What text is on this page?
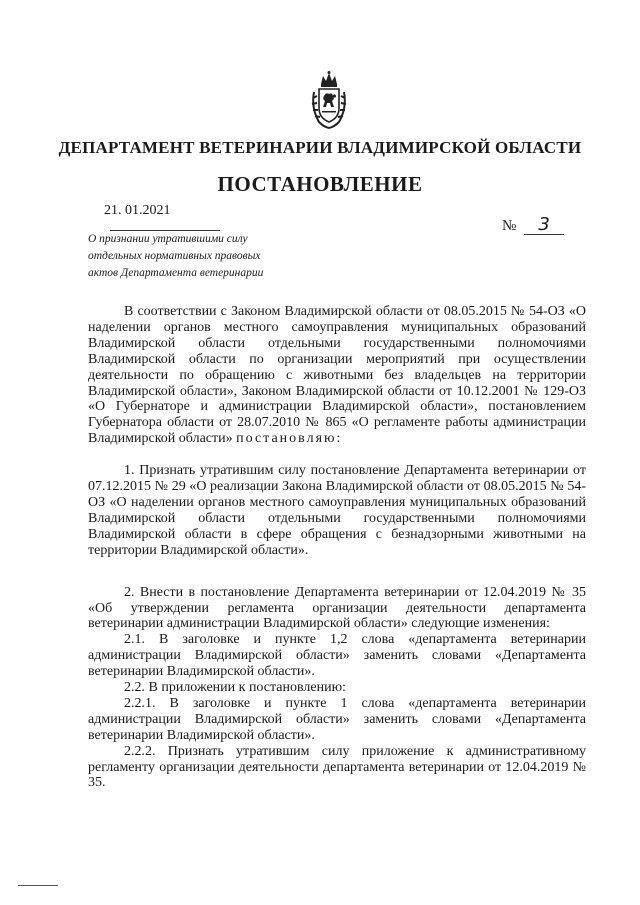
ДЕПАРТАМЕНТ ВЕТЕРИНАРИИ ВЛАДИМИРСКОЙ ОБЛАСТИ
ПОСТАНОВЛЕНИЕ
21. 01.2021
№ 3
О признании утратившими силу
отдельных нормативных правовых
актов Департамента ветеринарии

В соответствии с Законом Владимирской области от 08.05.2015 № 54-ОЗ «О наделении органов местного самоуправления муниципальных образований Владимирской области отдельными государственными полномочиями Владимирской области по организации мероприятий при осуществлении деятельности по обращению с животными без владельцев на территории Владимирской области», Законом Владимирской области от 10.12.2001 № 129-ОЗ «О Губернаторе и администрации Владимирской области», постановлением Губернатора области от 28.07.2010 № 865 «О регламенте работы администрации Владимирской области» постановляю:

1. Признать утратившим силу постановление Департамента ветеринарии от 07.12.2015 № 29 «О реализации Закона Владимирской области от 08.05.2015 № 54-ОЗ «О наделении органов местного самоуправления муниципальных образований Владимирской области отдельными государственными полномочиями Владимирской области в сфере обращения с безнадзорными животными на территории Владимирской области».

2. Внести в постановление Департамента ветеринарии от 12.04.2019 № 35 «Об утверждении регламента организации деятельности департамента ветеринарии администрации Владимирской области» следующие изменения:

2.1. В заголовке и пункте 1,2 слова «департамента ветеринарии администрации Владимирской области» заменить словами «Департамента ветеринарии Владимирской области».

2.2. В приложении к постановлению:

2.2.1. В заголовке и пункте 1 слова «департамента ветеринарии администрации Владимирской области» заменить словами «Департамента ветеринарии Владимирской области».

2.2.2. Признать утратившим силу приложение к административному регламенту организации деятельности департамента ветеринарии от 12.04.2019 № 35.
